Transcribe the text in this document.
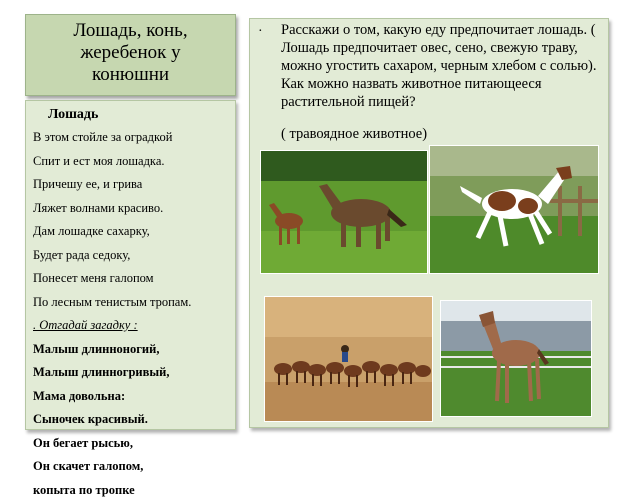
Лошадь, конь,
жеребенок у
конюшни
Лошадь
В этом стойле за оградкой
Спит и ест моя лошадка.
Причешу ее, и грива
Ляжет волнами красиво.
Дам лошадке сахарку,
Будет рада седоку,
Понесет меня галопом
По лесным тенистым тропам.
. Отгадай загадку :
Малыш длинноногий,
Малыш длинногривый,
Мама довольна:
Сыночек красивый.
Он бегает рысью,
Он скачет галопом,
копыта по тропке
· Расскажи о том, какую еду предпочитает лошадь. ( Лошадь предпочитает овес, сено, свежую траву, можно угостить сахаром, черным хлебом с солью). Как можно назвать животное питающееся растительной пищей?
( травоядное животное)
